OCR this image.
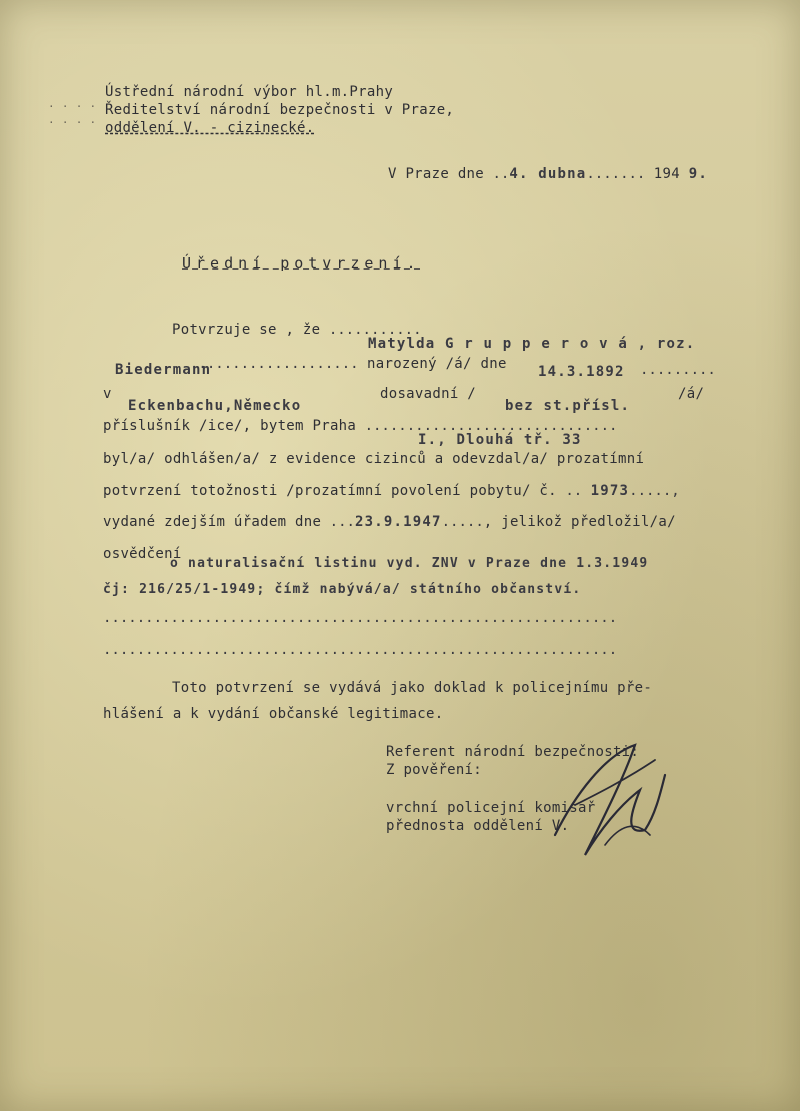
Ústřední národní výbor hl.m.Prahy
Ředitelství národní bezpečnosti v Praze,
oddělení V. - cizinecké.
V Praze dne ..4. dubna....... 194 9.
Úřední potvrzení.
Potvrzuje se , že ...........
Matylda G r u p p e r o v á , roz.
Biedermann
.................... narozený /á/ dne 14.3.1892 .........
v
Eckenbachu,Německo
dosavadní /
bez st.přísl.
/á/
příslušník /ice/, bytem Praha ..............................
I., Dlouhá tř. 33
byl/a/ odhlášen/a/ z evidence cizinců a odevzdal/a/ prozatímní
potvrzení totožnosti /prozatímní povolení pobytu/ č. .. 1973.....,
vydané zdejším úřadem dne ...23.9.1947....., jelikož předložil/a/
osvědčení
o naturalisační listinu vyd. ZNV v Praze dne 1.3.1949
čj: 216/25/1-1949; čímž nabývá/a/ státního občanství.
.............................................................
.............................................................
Toto potvrzení se vydává jako doklad k policejnímu pře-
hlášení a k vydání občanské legitimace.
Referent národní bezpečnosti:
Z pověření:
vrchní policejní komisař
přednosta oddělení V.
· · · ·
· · · ·
